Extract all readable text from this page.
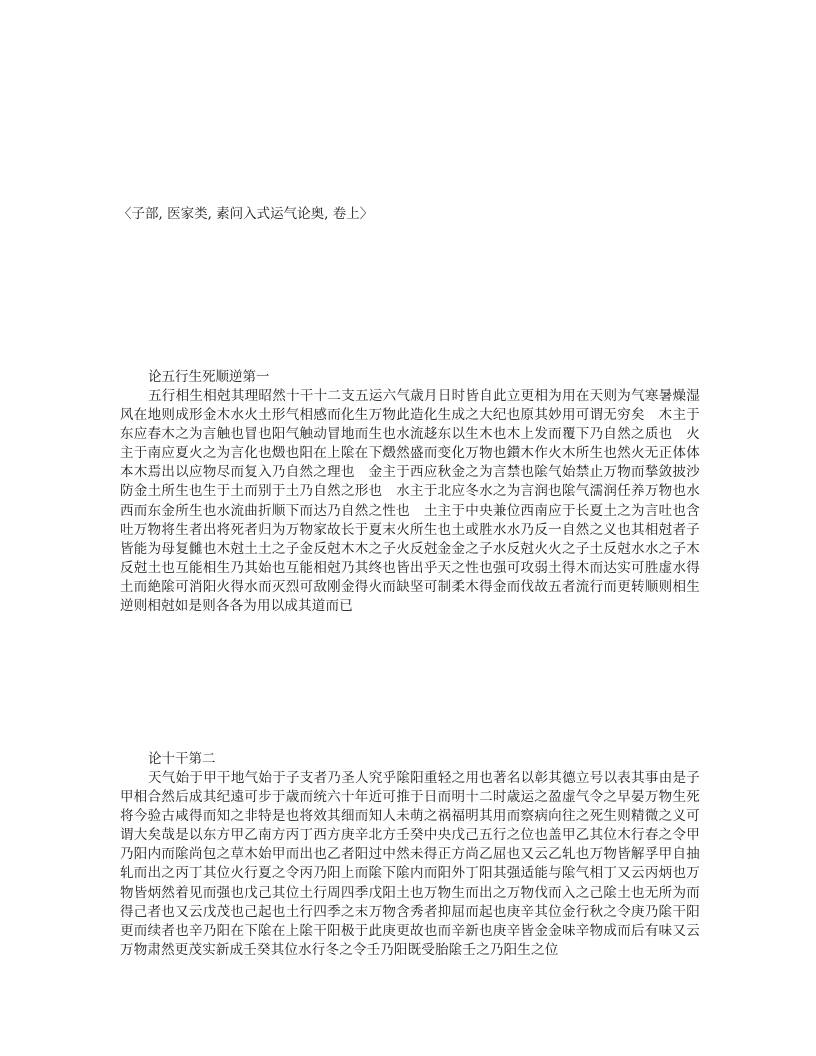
〈子部, 医家类, 素问入式运气论奥, 卷上〉

论五行生死顺逆第一

五行相生相尅其理昭然十干十二支五运六气歳月日时皆自此立更相为用在天则为气寒暑燥湿风在地则成形金木水火土形气相感而化生万物此造化生成之大纪也原其妙用可谓无穷矣　木主于东应春木之为言触也冒也阳气触动冒地而生也水流趍东以生木也木上发而覆下乃自然之质也　火主于南应夏火之为言化也燬也阳在上隂在下燬然盛而变化万物也鑚木作火木所生也然火无正体体本木焉出以应物尽而复入乃自然之理也　金主于西应秋金之为言禁也隂气始禁止万物而揫敛披沙防金土所生也生于土而别于土乃自然之形也　水主于北应冬水之为言润也隂气濡润任养万物也水西而东金所生也水流曲折顺下而达乃自然之性也　土主于中央兼位西南应于长夏土之为言吐也含吐万物将生者出将死者归为万物家故长于夏末火所生也土或胜水水乃反一自然之义也其相尅者子皆能为母复雠也木尅土土之子金反尅木木之子火反尅金金之子水反尅火火之子土反尅水水之子木反尅土也互能相生乃其始也互能相尅乃其终也皆出乎天之性也强可攻弱土得木而达实可胜虚水得土而絶隂可消阳火得水而灭烈可敌刚金得火而缺坚可制柔木得金而伐故五者流行而更转顺则相生逆则相尅如是则各各为用以成其道而已

论十干第二

天气始于甲干地气始于子支者乃圣人究乎隂阳重轻之用也著名以彰其德立号以表其事由是子甲相合然后成其纪遠可步于歳而统六十年近可推于日而明十二时歳运之盈虚气令之早晏万物生死将今验古咸得而知之非特是也将效其细而知人未萌之祸福明其用而察病向往之死生则精微之义可谓大矣哉是以东方甲乙南方丙丁西方庚辛北方壬癸中央戊己五行之位也盖甲乙其位木行春之令甲乃阳内而隂尚包之草木始甲而出也乙者阳过中然未得正方尚乙屈也又云乙轧也万物皆解孚甲自抽轧而出之丙丁其位火行夏之令丙乃阳上而隂下隂内而阳外丁阳其强适能与隂气相丁又云丙炳也万物皆炳然着见而强也戊己其位土行周四季戊阳土也万物生而出之万物伐而入之己隂土也无所为而得己者也又云戊茂也己起也土行四季之末万物含秀者抑屈而起也庚辛其位金行秋之令庚乃隂干阳更而续者也辛乃阳在下隂在上隂干阳极于此庚更故也而辛新也庚辛皆金金味辛物成而后有味又云万物肃然更茂实新成壬癸其位水行冬之令壬乃阳既受胎隂壬之乃阳生之位
